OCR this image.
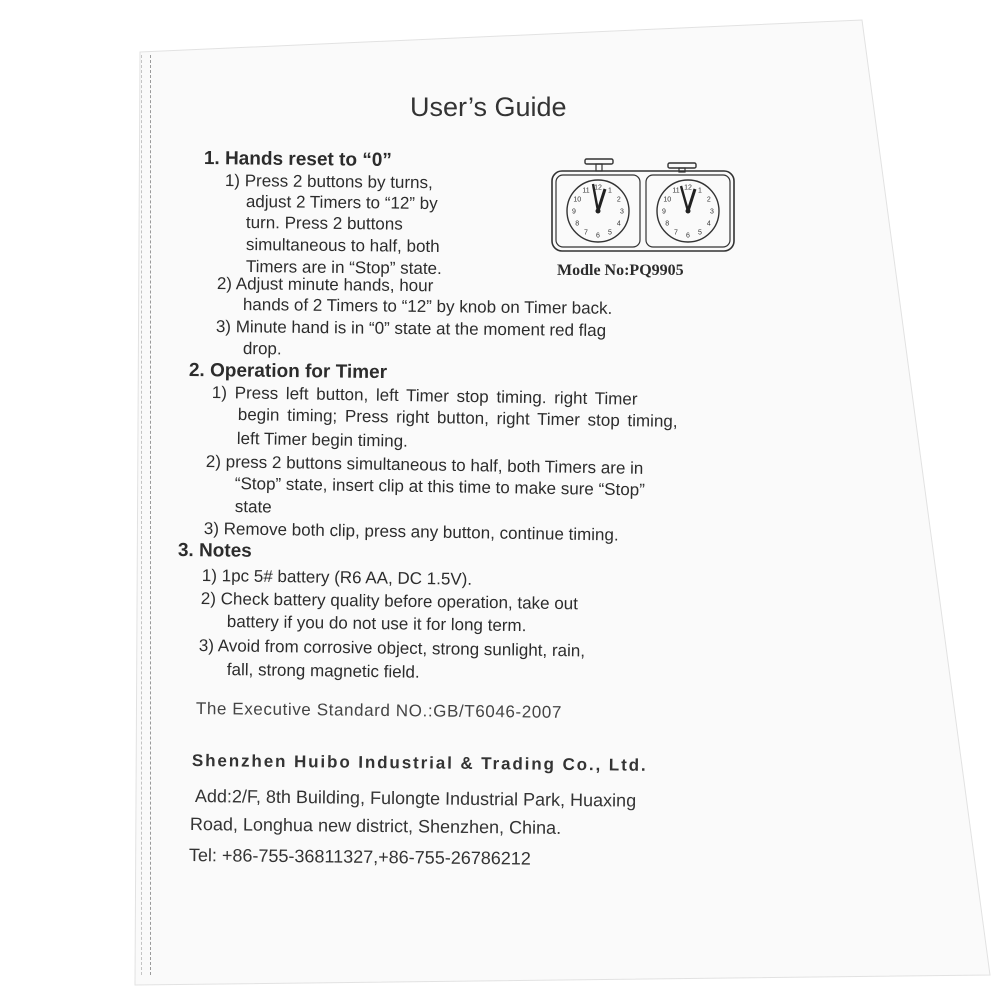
User’s Guide
1. Hands reset to “0”
1) Press 2 buttons by turns,
adjust 2 Timers to “12” by
turn. Press 2 buttons
simultaneous to half, both
Timers are in “Stop” state.
2) Adjust minute hands, hour
hands of 2 Timers to “12” by knob on Timer back.
3) Minute hand is in “0” state at the moment red flag
drop.
12 1
2
3
4
5
6
7
8
9
10
11	12 1
2
3
4
5
6
7
8
9
10
11
Modle No:PQ9905
2. Operation for Timer
1) Press left button, left Timer stop timing. right Timer
begin timing; Press right button, right Timer stop timing,
left Timer begin timing.
2) press 2 buttons simultaneous to half, both Timers are in
“Stop” state, insert clip at this time to make sure “Stop”
state
3) Remove both clip, press any button, continue timing.
3. Notes
1) 1pc 5# battery (R6 AA, DC 1.5V).
2) Check battery quality before operation, take out
battery if you do not use it for long term.
3) Avoid from corrosive object, strong sunlight, rain,
fall, strong magnetic field.
The Executive Standard NO.:GB/T6046-2007
Shenzhen Huibo Industrial & Trading Co., Ltd.
Add:2/F, 8th Building, Fulongte Industrial Park, Huaxing
Road, Longhua new district, Shenzhen, China.
Tel: +86-755-36811327,+86-755-26786212
